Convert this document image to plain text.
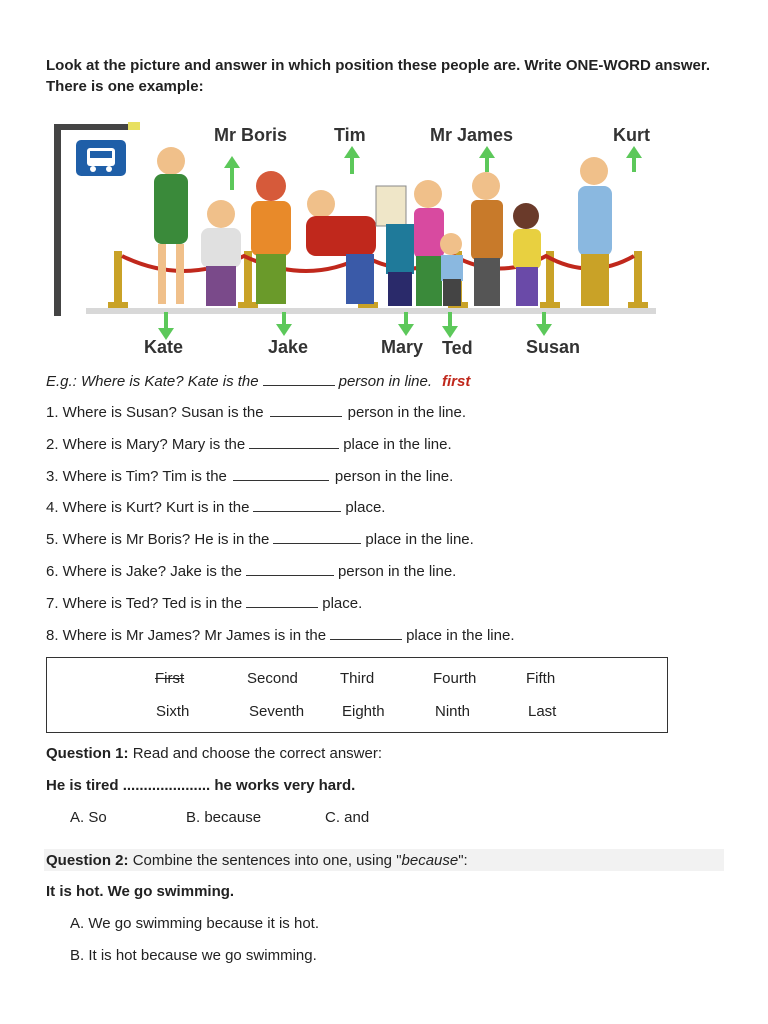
Look at the picture and answer in which position these people are. Write ONE-WORD answer. There is one example:
Mr Boris	Tim	Mr James	Kurt
Kate	Jake	Mary Ted	Susan
E.g.: Where is Kate? Kate is the	person in line. first
1. Where is Susan? Susan is the	person in the line.
2. Where is Mary? Mary is the	place in the line.
3. Where is Tim? Tim is the	person in the line.
4. Where is Kurt? Kurt is in the	place.
5. Where is Mr Boris? He is in the	place in the line.
6. Where is Jake? Jake is the	person in the line.
7. Where is Ted? Ted is in the	place.
8. Where is Mr James? Mr James is in the	place in the line.
First	Second	Third	Fourth	Fifth
Sixth	Seventh	Eighth	Ninth	Last
Question 1: Read and choose the correct answer:
He is tired ..................... he works very hard.
A. So	B. because	C. and
Question 2: Combine the sentences into one, using "because":
It is hot. We go swimming.
A. We go swimming because it is hot.
B. It is hot because we go swimming.
